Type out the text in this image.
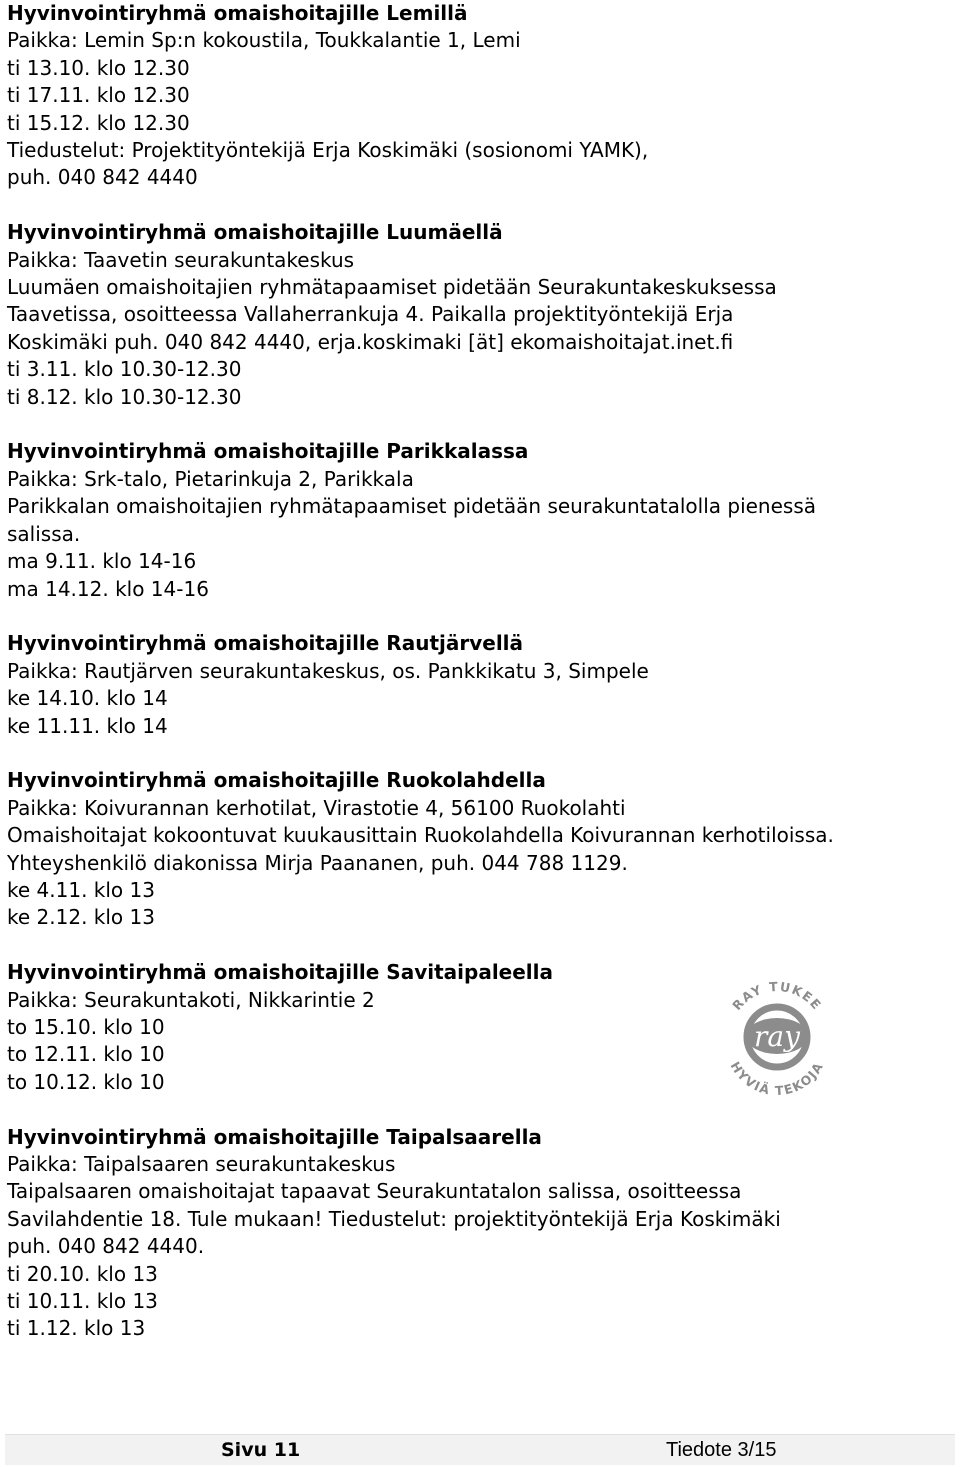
Hyvinvointiryhmä omaishoitajille Lemillä
Paikka: Lemin Sp:n kokoustila, Toukkalantie 1, Lemi
ti 13.10. klo 12.30
ti 17.11. klo 12.30
ti 15.12. klo 12.30
Tiedustelut: Projektityöntekijä Erja Koskimäki (sosionomi YAMK),
puh. 040 842 4440
Hyvinvointiryhmä omaishoitajille Luumäellä
Paikka: Taavetin seurakuntakeskus
Luumäen omaishoitajien ryhmätapaamiset pidetään Seurakuntakeskuksessa
Taavetissa, osoitteessa Vallaherrankuja 4. Paikalla projektityöntekijä Erja
Koskimäki puh. 040 842 4440, erja.koskimaki [ät] ekomaishoitajat.inet.fi
ti 3.11. klo 10.30-12.30
ti 8.12. klo 10.30-12.30
Hyvinvointiryhmä omaishoitajille Parikkalassa
Paikka: Srk-talo, Pietarinkuja 2, Parikkala
Parikkalan omaishoitajien ryhmätapaamiset pidetään seurakuntatalolla pienessä
salissa.
ma 9.11. klo 14-16
ma 14.12. klo 14-16
Hyvinvointiryhmä omaishoitajille Rautjärvellä
Paikka: Rautjärven seurakuntakeskus, os. Pankkikatu 3, Simpele
ke 14.10. klo 14
ke 11.11. klo 14
Hyvinvointiryhmä omaishoitajille Ruokolahdella
Paikka: Koivurannan kerhotilat, Virastotie 4, 56100 Ruokolahti
Omaishoitajat kokoontuvat kuukausittain Ruokolahdella Koivurannan kerhotiloissa.
Yhteyshenkilö diakonissa Mirja Paananen, puh. 044 788 1129.
ke 4.11. klo 13
ke 2.12. klo 13
Hyvinvointiryhmä omaishoitajille Savitaipaleella
Paikka: Seurakuntakoti, Nikkarintie 2
to 15.10. klo 10
to 12.11. klo 10
to 10.12. klo 10
Hyvinvointiryhmä omaishoitajille Taipalsaarella
Paikka: Taipalsaaren seurakuntakeskus
Taipalsaaren omaishoitajat tapaavat Seurakuntatalon salissa, osoitteessa
Savilahdentie 18. Tule mukaan! Tiedustelut: projektityöntekijä Erja Koskimäki
puh. 040 842 4440.
ti 20.10. klo 13
ti 10.11. klo 13
ti 1.12. klo 13
RAY TUKEE
ray
HYVIÄ TEKOJA
Sivu 11	Tiedote 3/15
